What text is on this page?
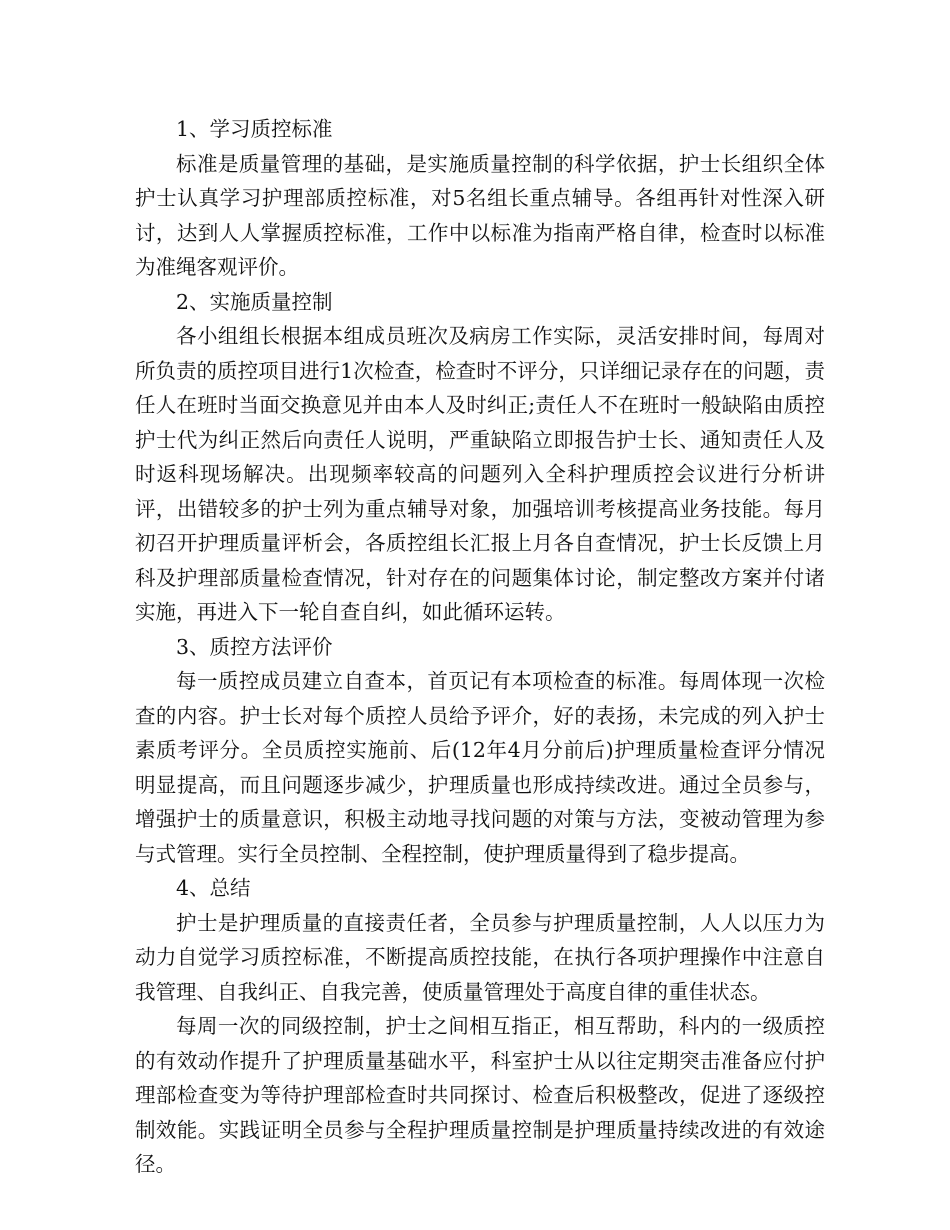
1、学习质控标准

标准是质量管理的基础，是实施质量控制的科学依据，护士长组织全体护士认真学习护理部质控标准，对5名组长重点辅导。各组再针对性深入研讨，达到人人掌握质控标准，工作中以标准为指南严格自律，检查时以标准为准绳客观评价。

2、实施质量控制

各小组组长根据本组成员班次及病房工作实际，灵活安排时间，每周对所负责的质控项目进行1次检查，检查时不评分，只详细记录存在的问题，责任人在班时当面交换意见并由本人及时纠正;责任人不在班时一般缺陷由质控护士代为纠正然后向责任人说明，严重缺陷立即报告护士长、通知责任人及时返科现场解决。出现频率较高的问题列入全科护理质控会议进行分析讲评，出错较多的护士列为重点辅导对象，加强培训考核提高业务技能。每月初召开护理质量评析会，各质控组长汇报上月各自查情况，护士长反馈上月科及护理部质量检查情况，针对存在的问题集体讨论，制定整改方案并付诸实施，再进入下一轮自查自纠，如此循环运转。

3、质控方法评价

每一质控成员建立自查本，首页记有本项检查的标准。每周体现一次检查的内容。护士长对每个质控人员给予评介，好的表扬，未完成的列入护士素质考评分。全员质控实施前、后(12年4月分前后)护理质量检查评分情况明显提高，而且问题逐步减少，护理质量也形成持续改进。通过全员参与，增强护士的质量意识，积极主动地寻找问题的对策与方法，变被动管理为参与式管理。实行全员控制、全程控制，使护理质量得到了稳步提高。

4、总结

护士是护理质量的直接责任者，全员参与护理质量控制，人人以压力为动力自觉学习质控标准，不断提高质控技能，在执行各项护理操作中注意自我管理、自我纠正、自我完善，使质量管理处于高度自律的重佳状态。

每周一次的同级控制，护士之间相互指正，相互帮助，科内的一级质控的有效动作提升了护理质量基础水平，科室护士从以往定期突击准备应付护理部检查变为等待护理部检查时共同探讨、检查后积极整改，促进了逐级控制效能。实践证明全员参与全程护理质量控制是护理质量持续改进的有效途径。
